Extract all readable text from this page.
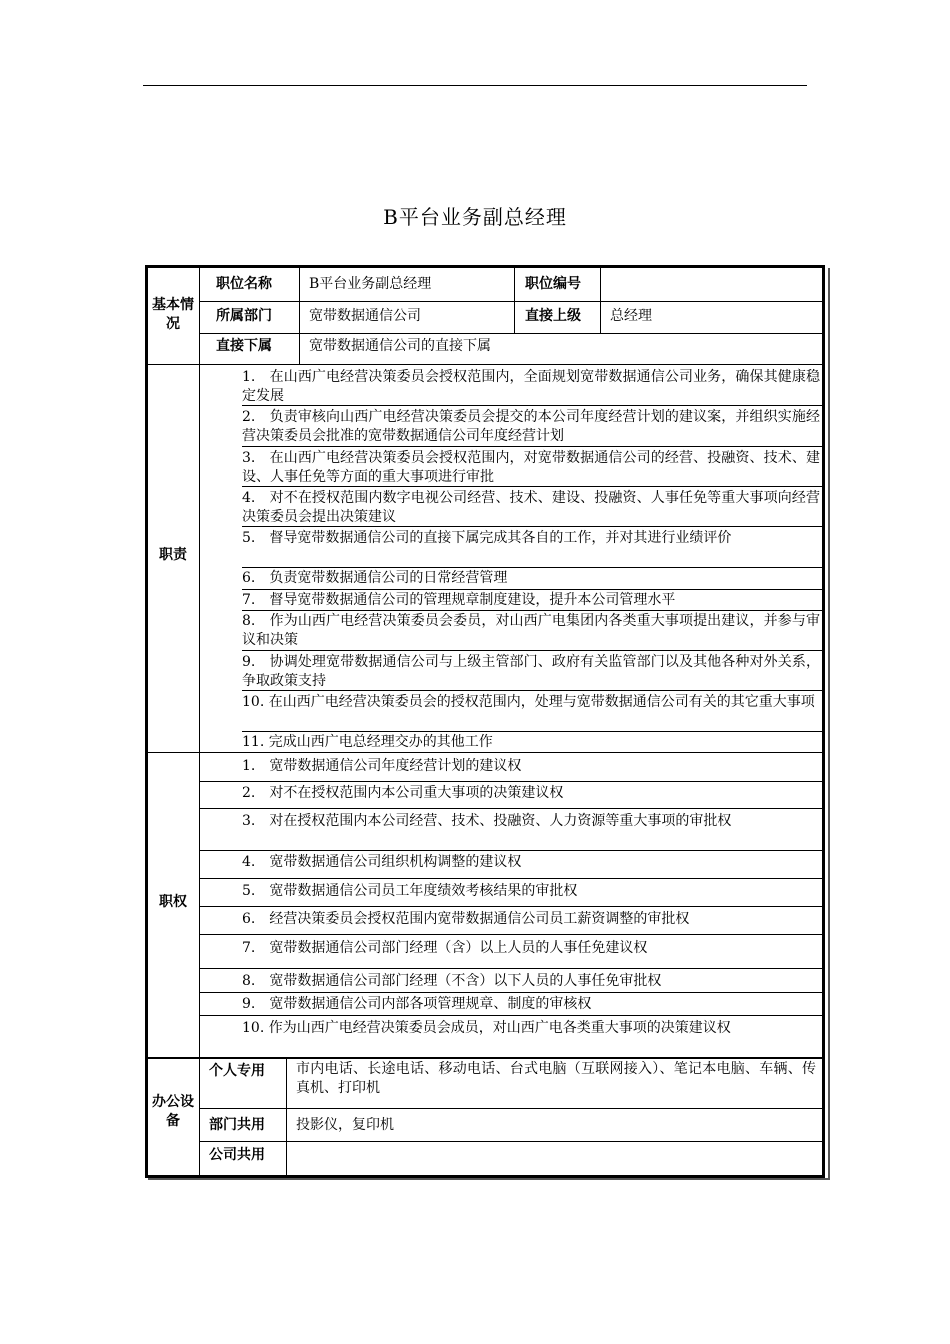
B平台业务副总经理
基本情况
职位名称	B平台业务副总经理	职位编号
所属部门	宽带数据通信公司	直接上级 总经理
直接下属	宽带数据通信公司的直接下属
职责
1.　在山西广电经营决策委员会授权范围内，全面规划宽带数据通信公司业务，确保其健康稳定发展
2.　负责审核向山西广电经营决策委员会提交的本公司年度经营计划的建议案，并组织实施经营决策委员会批准的宽带数据通信公司年度经营计划
3.　在山西广电经营决策委员会授权范围内，对宽带数据通信公司的经营、投融资、技术、建设、人事任免等方面的重大事项进行审批
4.　对不在授权范围内数字电视公司经营、技术、建设、投融资、人事任免等重大事项向经营决策委员会提出决策建议
5.　督导宽带数据通信公司的直接下属完成其各自的工作，并对其进行业绩评价
6.　负责宽带数据通信公司的日常经营管理
7.　督导宽带数据通信公司的管理规章制度建设，提升本公司管理水平
8.　作为山西广电经营决策委员会委员，对山西广电集团内各类重大事项提出建议，并参与审议和决策
9.　协调处理宽带数据通信公司与上级主管部门、政府有关监管部门以及其他各种对外关系，争取政策支持
10. 在山西广电经营决策委员会的授权范围内，处理与宽带数据通信公司有关的其它重大事项
11. 完成山西广电总经理交办的其他工作
职权
1.　宽带数据通信公司年度经营计划的建议权
2.　对不在授权范围内本公司重大事项的决策建议权
3.　对在授权范围内本公司经营、技术、投融资、人力资源等重大事项的审批权
4.　宽带数据通信公司组织机构调整的建议权
5.　宽带数据通信公司员工年度绩效考核结果的审批权
6.　经营决策委员会授权范围内宽带数据通信公司员工薪资调整的审批权
7.　宽带数据通信公司部门经理（含）以上人员的人事任免建议权
8.　宽带数据通信公司部门经理（不含）以下人员的人事任免审批权
9.　宽带数据通信公司内部各项管理规章、制度的审核权
10. 作为山西广电经营决策委员会成员，对山西广电各类重大事项的决策建议权
办公设备
个人专用 市内电话、长途电话、移动电话、台式电脑（互联网接入）、笔记本电脑、车辆、传真机、打印机
部门共用 投影仪，复印机
公司共用
